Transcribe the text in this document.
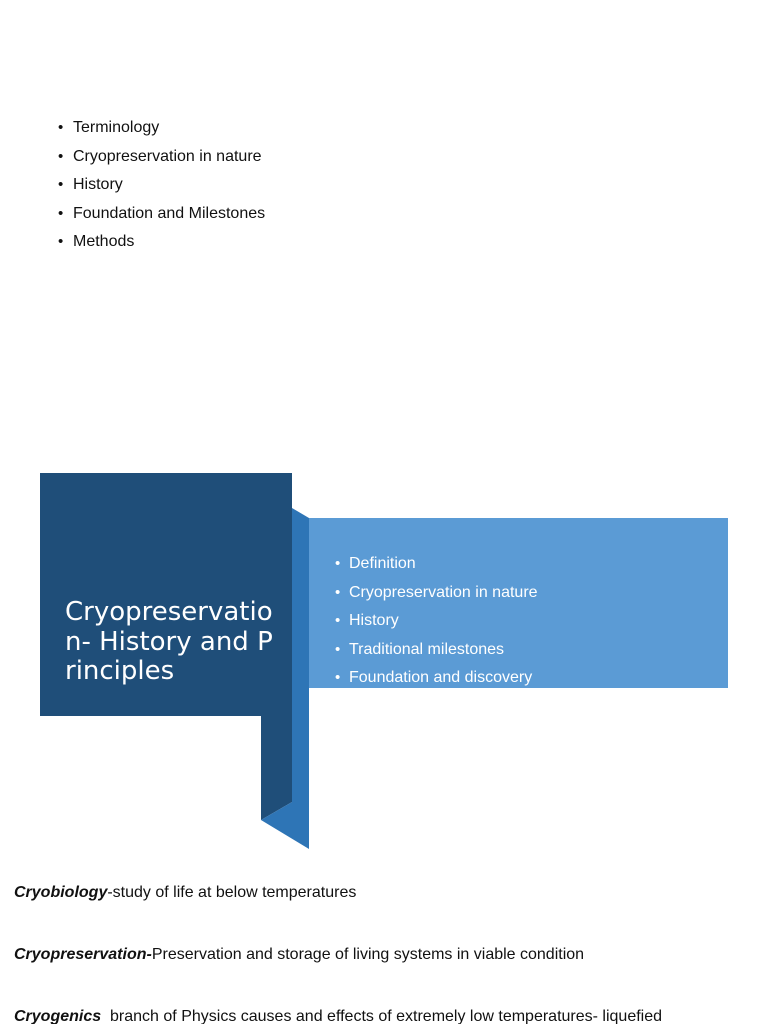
• Terminology
• Cryopreservation in nature
• History
• Foundation and Milestones
• Methods
Cryopreservation- History and Principles
• Definition
• Cryopreservation in nature
• History
• Traditional milestones
• Foundation and discovery

Cryobiology-study of life at below temperatures

Cryopreservation-Preservation and storage of living systems in viable condition

Cryogenics  branch of Physics causes and effects of extremely low temperatures- liquefied
